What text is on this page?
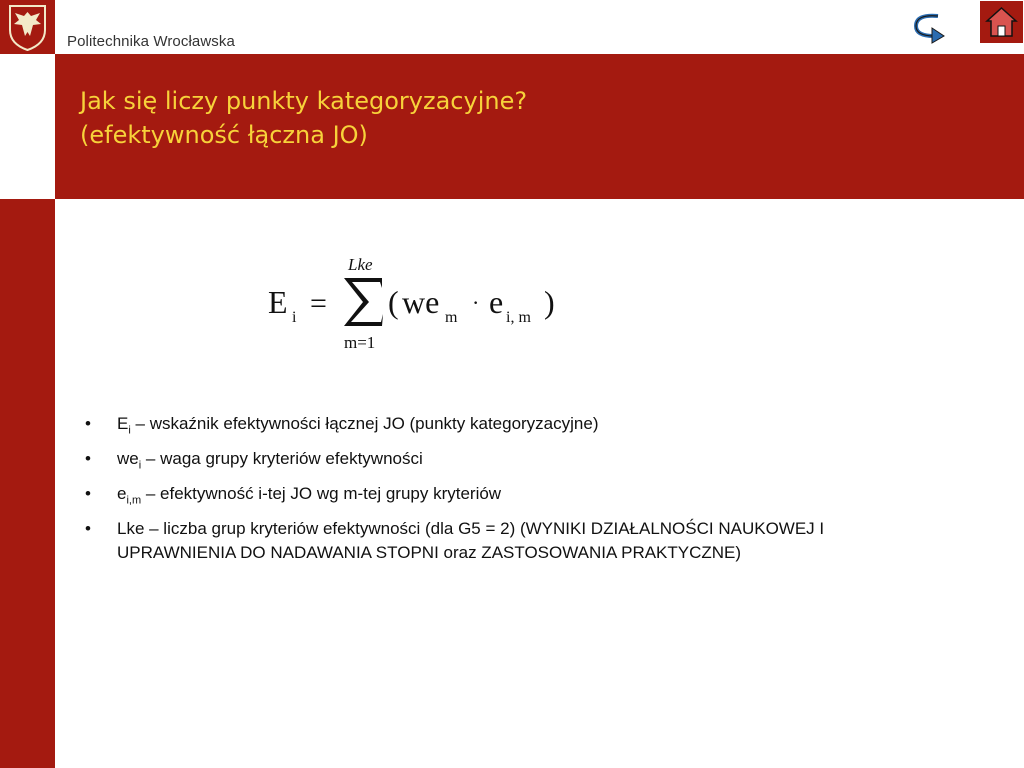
Politechnika Wrocławska
Jak się liczy punkty kategoryzacyjne?
(efektywność łączna JO)
E i =
Lke
m=1
( we m
· e i, m )
• $E_i$ – wskaźnik efektywności łącznej JO (punkty kategoryzacyjne)
• $we_i$ – waga grupy kryteriów efektywności
• $e_{i,m}$ – efektywność i-tej JO wg m-tej grupy kryteriów
• Lke – liczba grup kryteriów efektywności (dla G5 = 2) (WYNIKI DZIAŁALNOŚCI NAUKOWEJ I UPRAWNIENIA DO NADAWANIA STOPNI oraz ZASTOSOWANIA PRAKTYCZNE)
